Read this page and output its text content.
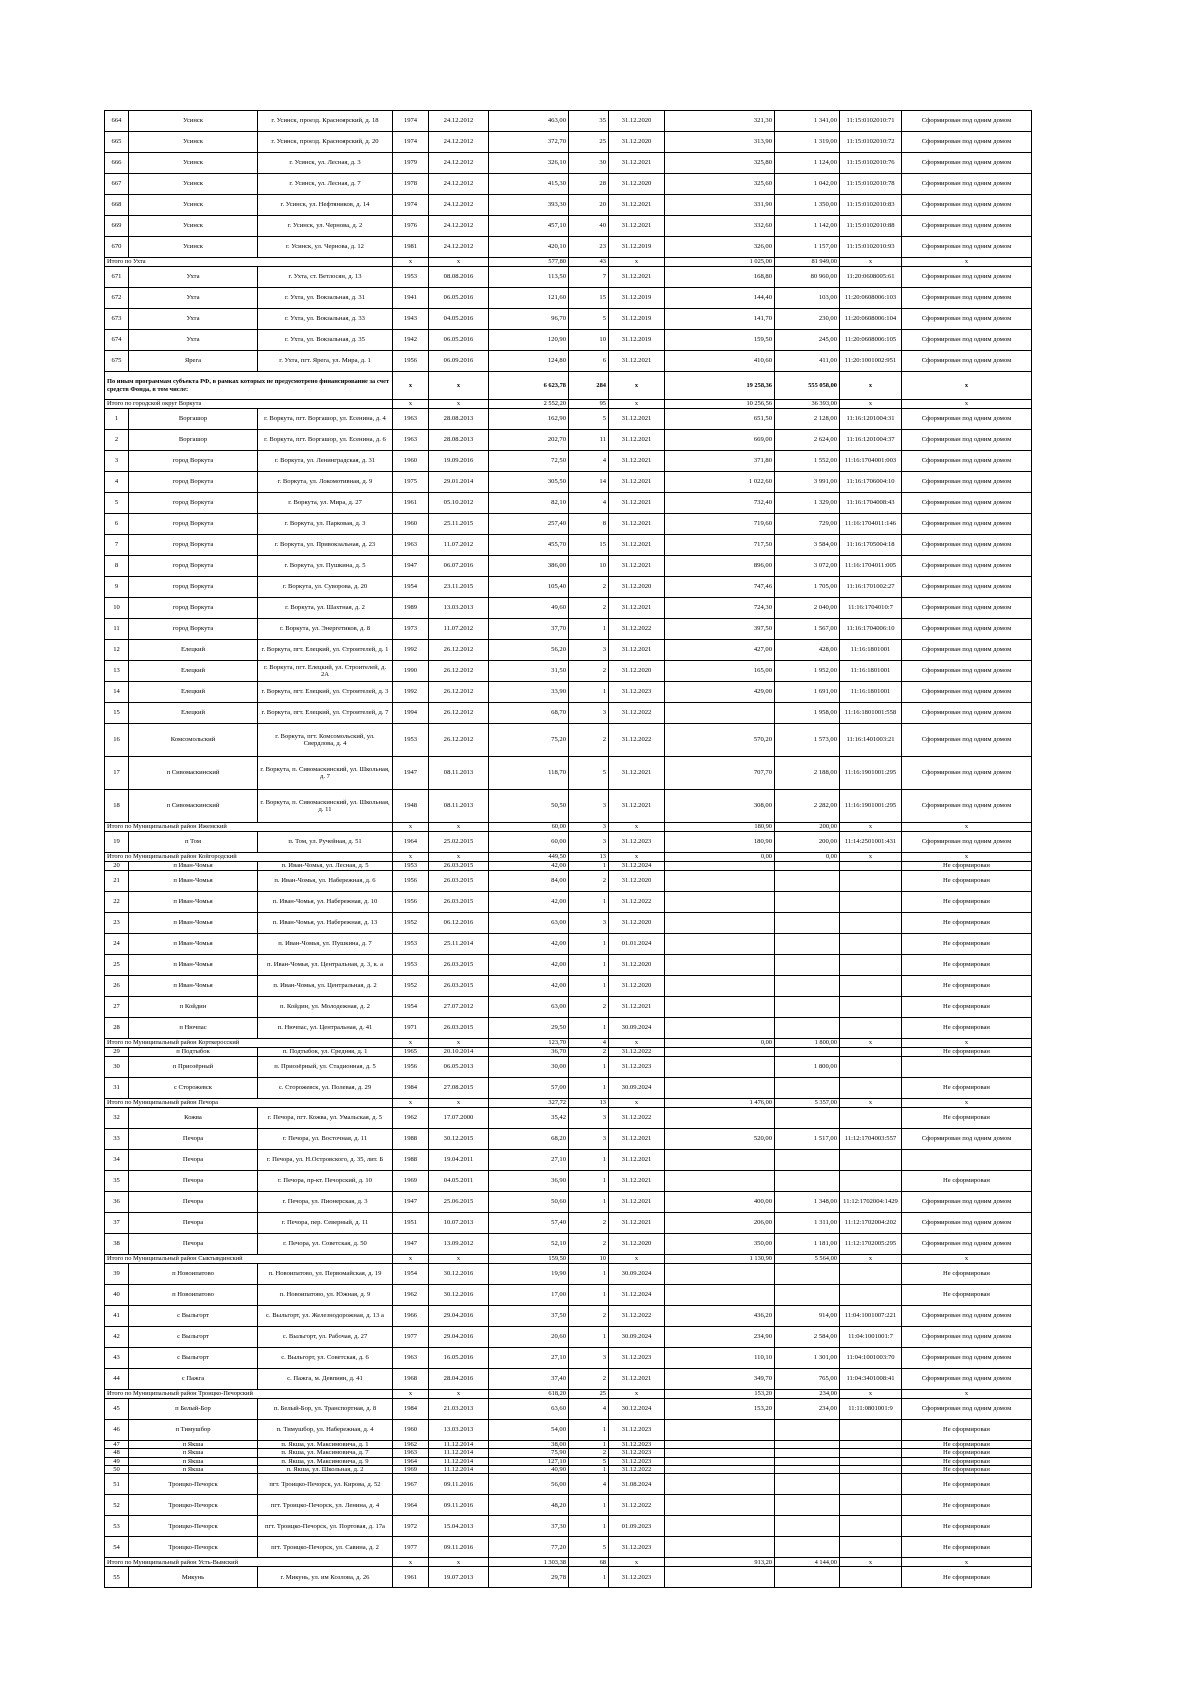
664	Усинск	г. Усинск, проезд. Красноярский, д. 18	1974	24.12.2012	463,00	35	31.12.2020	321,30	1 341,00	11:15:0102010:71	Сформирован под одним домом
665	Усинск	г. Усинск, проезд. Красноярский, д. 20	1974	24.12.2012	372,70	25	31.12.2020	313,90	1 319,00	11:15:0102010:72	Сформирован под одним домом
666	Усинск	г. Усинск, ул. Лесная, д. 3	1979	24.12.2012	326,10	30	31.12.2021	325,80	1 124,00	11:15:0102010:76	Сформирован под одним домом
667	Усинск	г. Усинск, ул. Лесная, д. 7	1978	24.12.2012	415,30	28	31.12.2020	325,60	1 042,00	11:15:0102010:78	Сформирован под одним домом
668	Усинск	г. Усинск, ул. Нефтяников, д. 14	1974	24.12.2012	393,30	20	31.12.2021	331,90	1 350,00	11:15:0102010:83	Сформирован под одним домом
669	Усинск	г. Усинск, ул. Чернова, д. 2	1976	24.12.2012	457,10	40	31.12.2021	332,60	1 142,00	11:15:0102010:88	Сформирован под одним домом
670	Усинск	г. Усинск, ул. Чернова, д. 12	1981	24.12.2012	420,10	23	31.12.2019	326,00	1 157,00	11:15:0102010:93	Сформирован под одним домом
Итого по Ухта			x	x	577,80	43	x	1 025,00	81 949,00	x	x
671	Ухта	г. Ухта, ст. Ветлосян, д. 13	1953	08.08.2016	113,50	7	31.12.2021	168,80	80 960,00	11:20:0608005:61	Сформирован под одним домом
672	Ухта	г. Ухта, ул. Вокзальная, д. 31	1941	06.05.2016	121,60	15	31.12.2019	144,40	103,00	11:20:0608006:103	Сформирован под одним домом
673	Ухта	г. Ухта, ул. Вокзальная, д. 33	1943	04.05.2016	96,70	5	31.12.2019	141,70	230,00	11:20:0608006:104	Сформирован под одним домом
674	Ухта	г. Ухта, ул. Вокзальная, д. 35	1942	06.05.2016	120,90	10	31.12.2019	159,50	245,00	11:20:0608006:105	Сформирован под одним домом
675	Ярега	г. Ухта, пгт. Ярега, ул. Мира, д. 1	1956	06.09.2016	124,80	6	31.12.2021	410,60	411,00	11:20:1001002:951	Сформирован под одним домом
По иным программам субъекта РФ, в рамках которых не предусмотрено финансирование за счет средств Фонда, в том числе:			x	x	6 623,78	284	x	19 258,36	555 058,00	x	x
Итого по городской округ Воркута			x	x	2 552,20	95	x	10 256,56	36 393,00	x	x
1	Воргашор	г. Воркута, пгт. Воргашор, ул. Есенина, д. 4	1963	28.08.2013	162,90	5	31.12.2021	651,50	2 128,00	11:16:1201004:31	Сформирован под одним домом
2	Воргашор	г. Воркута, пгт. Воргашор, ул. Есенина, д. 6	1963	28.08.2013	202,70	11	31.12.2021	669,00	2 624,00	11:16:1201004:37	Сформирован под одним домом
3	город Воркута	г. Воркута, ул. Ленинградская, д. 31	1960	19.09.2016	72,50	4	31.12.2021	371,80	1 552,00	11:16:1704001:003	Сформирован под одним домом
4	город Воркута	г. Воркута, ул. Локомотивная, д. 9	1975	29.01.2014	305,50	14	31.12.2021	1 022,60	3 991,00	11:16:1706004:10	Сформирован под одним домом
5	город Воркута	г. Воркута, ул. Мира, д. 27	1961	05.10.2012	82,10	4	31.12.2021	732,40	1 329,00	11:16:1704008:43	Сформирован под одним домом
6	город Воркута	г. Воркута, ул. Парковая, д. 3	1960	25.11.2015	257,40	8	31.12.2021	719,60	729,00	11:16:1704011:146	Сформирован под одним домом
7	город Воркута	г. Воркута, ул. Привокзальная, д. 23	1963	11.07.2012	455,70	15	31.12.2021	717,50	3 584,00	11:16:1705004:18	Сформирован под одним домом
8	город Воркута	г. Воркута, ул. Пушкина, д. 5	1947	06.07.2016	386,00	10	31.12.2021	896,00	3 072,00	11:16:1704011:005	Сформирован под одним домом
9	город Воркута	г. Воркута, ул. Суворова, д. 20	1954	23.11.2015	105,40	2	31.12.2020	747,46	1 705,00	11:16:1701002:27	Сформирован под одним домом
10	город Воркута	г. Воркута, ул. Шахтная, д. 2	1989	13.03.2013	49,60	2	31.12.2021	724,30	2 040,00	11:16:1704010:7	Сформирован под одним домом
11	город Воркута	г. Воркута, ул. Энергетиков, д. 8	1973	11.07.2012	37,70	1	31.12.2022	397,50	1 567,00	11:16:1704006:10	Сформирован под одним домом
12	Елецкий	г. Воркута, пгт. Елецкий, ул. Строителей, д. 1	1992	26.12.2012	56,20	3	31.12.2021	427,00	428,00	11:16:1801001	Сформирован под одним домом
13	Елецкий	г. Воркута, пгт. Елецкий, ул. Строителей, д. 2А	1990	26.12.2012	31,50	2	31.12.2020	165,00	1 952,00	11:16:1801001	Сформирован под одним домом
14	Елецкий	г. Воркута, пгт. Елецкий, ул. Строителей, д. 3	1992	26.12.2012	33,90	1	31.12.2023	429,00	1 691,00	11:16:1801001	Сформирован под одним домом
15	Елецкий	г. Воркута, пгт. Елецкий, ул. Строителей, д. 7	1994	26.12.2012	68,70	3	31.12.2022		1 958,00	11:16:1801001:558	Сформирован под одним домом
16	Комсомольский	г. Воркута, пгт. Комсомольский, ул. Свердлова, д. 4	1953	26.12.2012	75,20	2	31.12.2022	570,20	1 573,00	11:16:1401003:21	Сформирован под одним домом
17	п Сивомаскинский	г. Воркута, п. Сивомаскинский, ул. Школьная, д. 7	1947	08.11.2013	118,70	5	31.12.2021	707,70	2 188,00	11:16:1901001:295	Сформирован под одним домом
18	п Сивомаскинский	г. Воркута, п. Сивомаскинский, ул. Школьная, д. 11	1948	08.11.2013	50,50	3	31.12.2021	308,00	2 282,00	11:16:1901001:295	Сформирован под одним домом
Итого по Муниципальный район Ижемский			x	x	60,00	3	x	180,90	200,00	x	x
19	п Том	п. Том, ул. Ручейная, д. 51	1964	25.02.2015	60,00	3	31.12.2023	180,90	200,00	11:14:2501001:431	Сформирован под одним домом
Итого по Муниципальный район Койгородский			x	x	449,50	13	x	0,00	0,00	x	x
20	п Иван-Чомья	п. Иван-Чомья, ул. Лесная, д. 5	1953	26.03.2015	42,00	1	31.12.2024				Не сформирован
21	п Иван-Чомья	п. Иван-Чомья, ул. Набережная, д. 6	1956	26.03.2015	84,00	2	31.12.2020				Не сформирован
22	п Иван-Чомья	п. Иван-Чомья, ул. Набережная, д. 10	1956	26.03.2015	42,00	1	31.12.2022				Не сформирован
23	п Иван-Чомья	п. Иван-Чомья, ул. Набережная, д. 13	1952	06.12.2016	63,00	3	31.12.2020				Не сформирован
24	п Иван-Чомья	п. Иван-Чомья, ул. Пушкина, д. 7	1953	25.11.2014	42,00	1	01.01.2024				Не сформирован
25	п Иван-Чомья	п. Иван-Чомья, ул. Центральная, д. 3, к. а	1953	26.03.2015	42,00	1	31.12.2020				Не сформирован
26	п Иван-Чомья	п. Иван-Чомья, ул. Центральная, д. 2	1952	26.03.2015	42,00	1	31.12.2020				Не сформирован
27	п Койдин	п. Койдин, ул. Молодежная, д. 2	1954	27.07.2012	63,00	2	31.12.2021				Не сформирован
28	п Нючпас	п. Нючпас, ул. Центральная, д. 41	1971	26.03.2015	29,50	1	30.09.2024				Не сформирован
Итого по Муниципальный район Корткеросский			x	x	123,70	4	x	0,00	1 800,00	x	x
29	п Подтыбок	п. Подтыбок, ул. Средняя, д. 1	1965	20.10.2014	36,70	2	31.12.2022				Не сформирован
30	п Приозёрный	п. Приозёрный, ул. Стадионная, д. 5	1956	06.05.2013	30,00	1	31.12.2023		1 800,00		
31	с Сторожевск	с. Сторожевск, ул. Полевая, д. 29	1984	27.08.2015	57,00	1	30.09.2024				Не сформирован
Итого по Муниципальный район Печора			x	x	327,72	13	x	1 476,00	5 357,00	x	x
32	Кожва	г. Печора, пгт. Кожва, ул. Умальская, д. 5	1962	17.07.2000	35,42	3	31.12.2022				Не сформирован
33	Печора	г. Печора, ул. Восточная, д. 11	1988	30.12.2015	68,20	3	31.12.2021	520,00	1 517,00	11:12:1704003:557	Сформирован под одним домом
34	Печора	г. Печора, ул. Н.Островского, д. 35, лит. Б	1988	19.04.2011	27,10	1	31.12.2021				
35	Печора	г. Печора, пр-кт. Печорский, д. 10	1969	04.05.2011	36,90	1	31.12.2021				Не сформирован
36	Печора	г. Печора, ул. Пионерская, д. 3	1947	25.06.2015	50,60	1	31.12.2021	400,00	1 348,00	11:12:1702004:1429	Сформирован под одним домом
37	Печора	г. Печора, пер. Северный, д. 11	1951	10.07.2013	57,40	2	31.12.2021	206,00	1 311,00	11:12:1702004:202	Сформирован под одним домом
38	Печора	г. Печора, ул. Советская, д. 50	1947	13.09.2012	52,10	2	31.12.2020	350,00	1 181,00	11:12:1702005:295	Сформирован под одним домом
Итого по Муниципальный район Сыктывдинский			x	x	159,50	10	x	1 130,90	5 564,00	x	x
39	п Новоипатово	п. Новоипатово, ул. Первомайская, д. 19	1954	30.12.2016	19,90	1	30.09.2024				Не сформирован
40	п Новоипатово	п. Новоипатово, ул. Южная, д. 9	1962	30.12.2016	17,00	1	31.12.2024				Не сформирован
41	с Выльгорт	с. Выльгорт, ул. Железнодорожная, д. 13 а	1966	29.04.2016	37,50	2	31.12.2022	436,20	914,00	11:04:1001007:221	Сформирован под одним домом
42	с Выльгорт	с. Выльгорт, ул. Рабочая, д. 27	1977	29.04.2016	20,60	1	30.09.2024	234,90	2 584,00	11:04:1001001:7	Сформирован под одним домом
43	с Выльгорт	с. Выльгорт, ул. Советская, д. 6	1963	16.05.2016	27,10	3	31.12.2023	110,10	1 301,00	11:04:1001003:70	Сформирован под одним домом
44	с Пажга	с. Пажга, м. Девпиян, д. 41	1968	28.04.2016	37,40	2	31.12.2021	349,70	765,00	11:04:3401008:41	Сформирован под одним домом
Итого по Муниципальный район Троицко-Печорский			x	x	618,20	25	x	153,20	234,00	x	x
45	п Белый-Бор	п. Белый-Бор, ул. Транспортная, д. 8	1984	21.03.2013	63,60	4	30.12.2024	153,20	234,00	11:11:0801001:9	Сформирован под одним домом
46	п Тимушбор	п. Тимушбор, ул. Набережная, д. 4	1960	13.03.2013	54,00	1	31.12.2023				Не сформирован
47	п Якша	п. Якша, ул. Максимовича, д. 1	1962	11.12.2014	38,00	1	31.12.2023				Не сформирован
48	п Якша	п. Якша, ул. Максимовича, д. 7	1963	11.12.2014	75,90	2	31.12.2023				Не сформирован
49	п Якша	п. Якша, ул. Максимовича, д. 9	1964	11.12.2014	127,10	5	31.12.2023				Не сформирован
50	п Якша	п. Якша, ул. Школьная, д. 2	1969	11.12.2014	40,90	1	31.12.2022				Не сформирован
51	Троицко-Печорск	пгт. Троицко-Печорск, ул. Кирова, д. 52	1967	09.11.2016	56,00	4	31.08.2024				Не сформирован
52	Троицко-Печорск	пгт. Троицко-Печорск, ул. Ленина, д. 4	1964	09.11.2016	48,20	1	31.12.2022				Не сформирован
53	Троицко-Печорск	пгт. Троицко-Печорск, ул. Портовая, д. 17а	1972	15.04.2013	37,30	1	01.09.2023				Не сформирован
54	Троицко-Печорск	пгт. Троицко-Печорск, ул. Савина, д. 2	1977	09.11.2016	77,20	5	31.12.2023				Не сформирован
Итого по Муниципальный район Усть-Вымский			x	x	1 303,38	68	x	913,20	4 144,00	x	x
55	Микунь	г. Микунь, ул. им Козлова, д. 26	1961	19.07.2013	29,78	1	31.12.2023				Не сформирован
